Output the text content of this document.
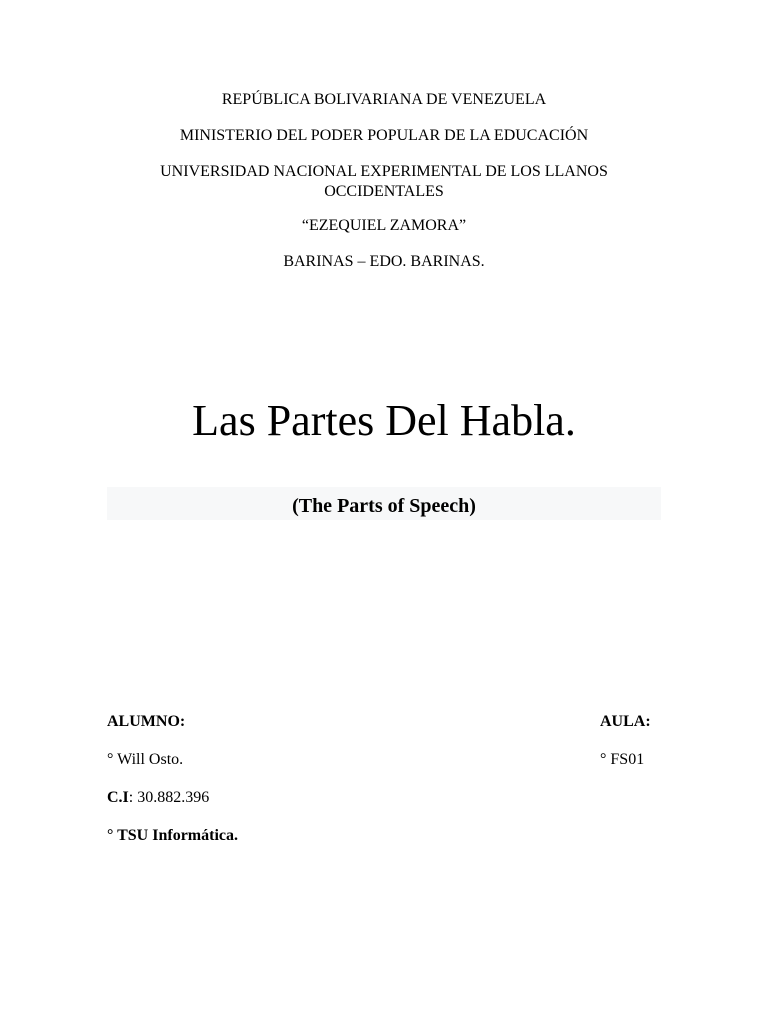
REPÚBLICA BOLIVARIANA DE VENEZUELA
MINISTERIO DEL PODER POPULAR DE LA EDUCACIÓN
UNIVERSIDAD NACIONAL EXPERIMENTAL DE LOS LLANOS
OCCIDENTALES
“EZEQUIEL ZAMORA”
BARINAS – EDO. BARINAS.
Las Partes Del Habla.
(The Parts of Speech)
ALUMNO:
° Will Osto.
C.I: 30.882.396
° TSU Informática.
AULA:
° FS01
